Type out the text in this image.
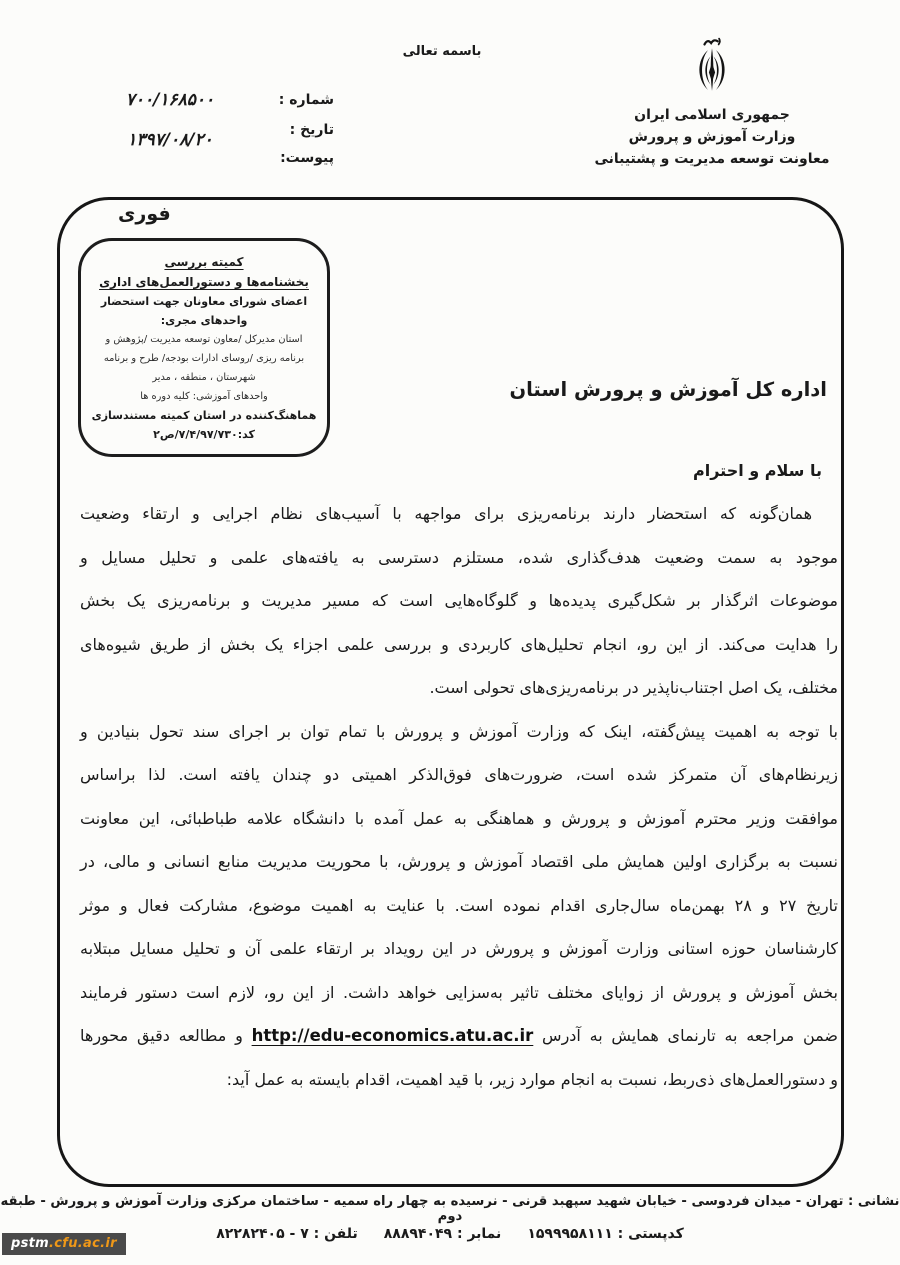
باسمه تعالی
جمهوری اسلامی ایران
وزارت آموزش و پرورش
معاونت توسعه مدیریت و پشتیبانی
شماره :
۷۰۰/۱۶۸۵۰۰
تاریخ :
۱۳۹۷/۰۸/۲۰
پیوست:
فوری
کمیته بررسی
بخشنامه‌ها و دستورالعمل‌های اداری
اعضای شورای معاونان جهت استحضار
واحدهای مجری:
استان مدیرکل /معاون توسعه مدیریت /پژوهش و
برنامه ریزی /روسای ادارات بودجه/ طرح و برنامه
شهرستان ، منطقه ، مدیر
واحدهای آموزشی: کلیه دوره ها
هماهنگ‌کننده در استان کمیته مستندسازی
کد:۷/۴/۹۷/۷۳۰/ص۲
اداره کل آموزش و پرورش استان
با سلام و احترام
همان‌گونه که استحضار دارند برنامه‌ریزی برای مواجهه با آسیب‌های نظام اجرایی و ارتقاء وضعیت
موجود به سمت وضعیت هدف‌گذاری شده، مستلزم دسترسی به یافته‌های علمی و تحلیل مسایل و
موضوعات اثرگذار بر شکل‌گیری پدیده‌ها و گلوگاه‌هایی است که مسیر مدیریت و برنامه‌ریزی یک بخش
را هدایت می‌کند. از این رو، انجام تحلیل‌های کاربردی و بررسی علمی اجزاء یک بخش از طریق شیوه‌های
مختلف، یک اصل اجتناب‌ناپذیر در برنامه‌ریزی‌های تحولی است.
با توجه به اهمیت پیش‌گفته، اینک که وزارت آموزش و پرورش با تمام توان بر اجرای سند تحول بنیادین و
زیرنظام‌های آن متمرکز شده است، ضرورت‌های فوق‌الذکر اهمیتی دو چندان یافته است. لذا براساس
موافقت وزیر محترم آموزش و پرورش و هماهنگی به عمل آمده با دانشگاه علامه طباطبائی، این معاونت
نسبت به برگزاری اولین همایش ملی اقتصاد آموزش و پرورش، با محوریت مدیریت منابع انسانی و مالی، در
تاریخ ۲۷ و ۲۸ بهمن‌ماه سال‌جاری اقدام نموده است. با عنایت به اهمیت موضوع، مشارکت فعال و موثر
کارشناسان حوزه استانی وزارت آموزش و پرورش در این رویداد بر ارتقاء علمی آن و تحلیل مسایل مبتلابه
بخش آموزش و پرورش از زوایای مختلف تاثیر به‌سزایی خواهد داشت. از این رو، لازم است دستور فرمایند
ضمن مراجعه به تارنمای همایش به آدرس http://edu-economics.atu.ac.ir و مطالعه دقیق محورها
و دستورالعمل‌های ذی‌ربط، نسبت به انجام موارد زیر، با قید اهمیت، اقدام بایسته به عمل آید:
نشانی : تهران - میدان فردوسی - خیابان شهید سپهبد قرنی - نرسیده به چهار راه سمیه - ساختمان مرکزی وزارت آموزش و پرورش - طبقه دوم
تلفن : ۷ - ۸۲۲۸۲۴۰۵ نمابر : ۸۸۸۹۴۰۴۹ کدپستی : ۱۵۹۹۹۵۸۱۱۱
pstm.cfu.ac.ir
